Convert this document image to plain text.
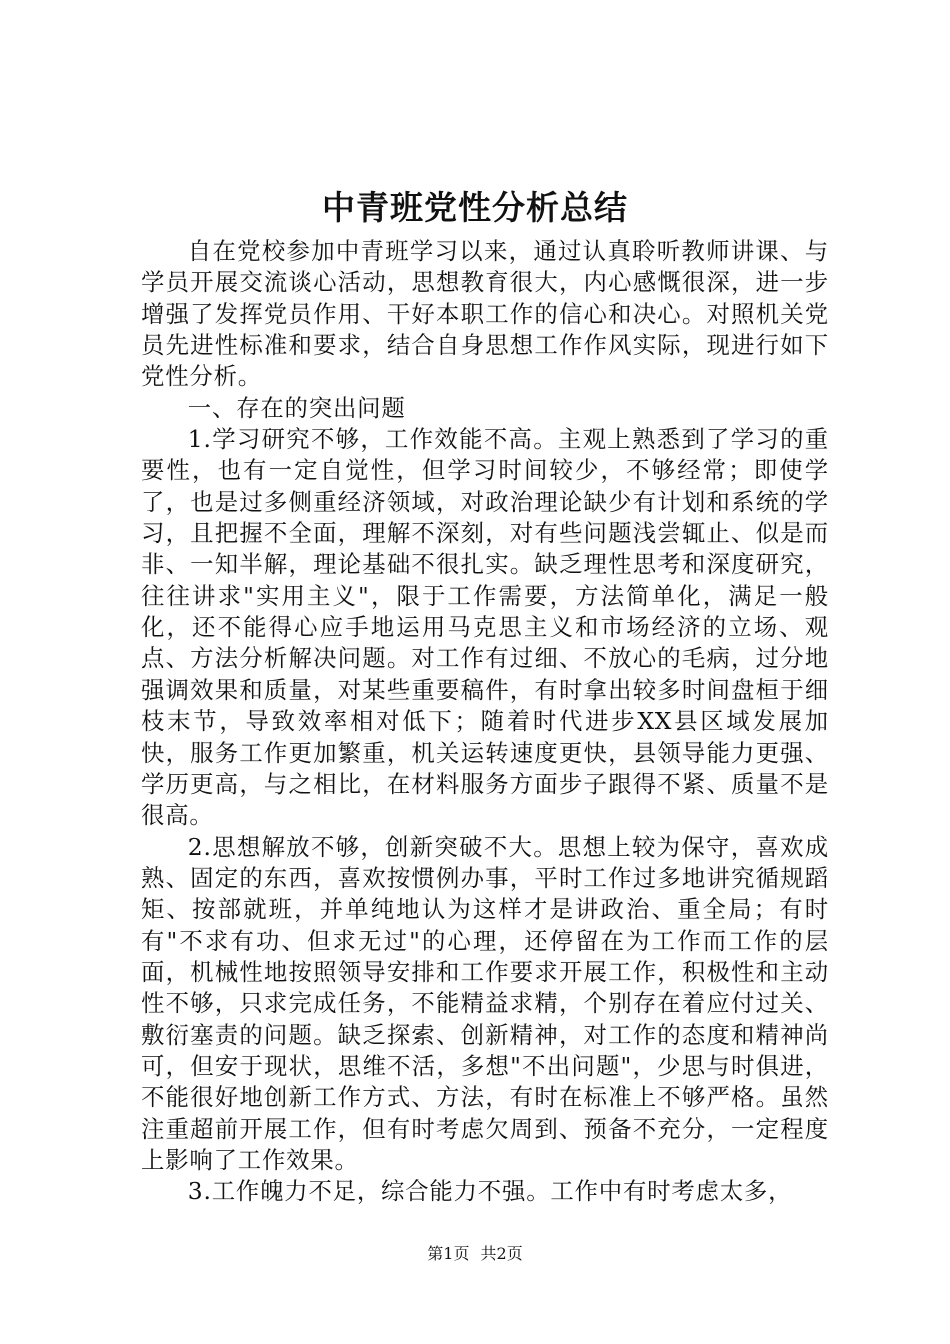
中青班党性分析总结

自在党校参加中青班学习以来，通过认真聆听教师讲课、与学员开展交流谈心活动，思想教育很大，内心感慨很深，进一步增强了发挥党员作用、干好本职工作的信心和决心。对照机关党员先进性标准和要求，结合自身思想工作作风实际，现进行如下党性分析。

一、存在的突出问题

1.学习研究不够，工作效能不高。主观上熟悉到了学习的重要性，也有一定自觉性，但学习时间较少，不够经常；即使学了，也是过多侧重经济领域，对政治理论缺少有计划和系统的学习，且把握不全面，理解不深刻，对有些问题浅尝辄止、似是而非、一知半解，理论基础不很扎实。缺乏理性思考和深度研究，往往讲求"实用主义"，限于工作需要，方法简单化，满足一般化，还不能得心应手地运用马克思主义和市场经济的立场、观点、方法分析解决问题。对工作有过细、不放心的毛病，过分地强调效果和质量，对某些重要稿件，有时拿出较多时间盘桓于细枝末节，导致效率相对低下；随着时代进步XX县区域发展加快，服务工作更加繁重，机关运转速度更快，县领导能力更强、学历更高，与之相比，在材料服务方面步子跟得不紧、质量不是很高。

2.思想解放不够，创新突破不大。思想上较为保守，喜欢成熟、固定的东西，喜欢按惯例办事，平时工作过多地讲究循规蹈矩、按部就班，并单纯地认为这样才是讲政治、重全局；有时有"不求有功、但求无过"的心理，还停留在为工作而工作的层面，机械性地按照领导安排和工作要求开展工作，积极性和主动性不够，只求完成任务，不能精益求精，个别存在着应付过关、敷衍塞责的问题。缺乏探索、创新精神，对工作的态度和精神尚可，但安于现状，思维不活，多想"不出问题"，少思与时俱进，不能很好地创新工作方式、方法，有时在标准上不够严格。虽然注重超前开展工作，但有时考虑欠周到、预备不充分，一定程度上影响了工作效果。

3.工作魄力不足，综合能力不强。工作中有时考虑太多，

第1页 共2页
